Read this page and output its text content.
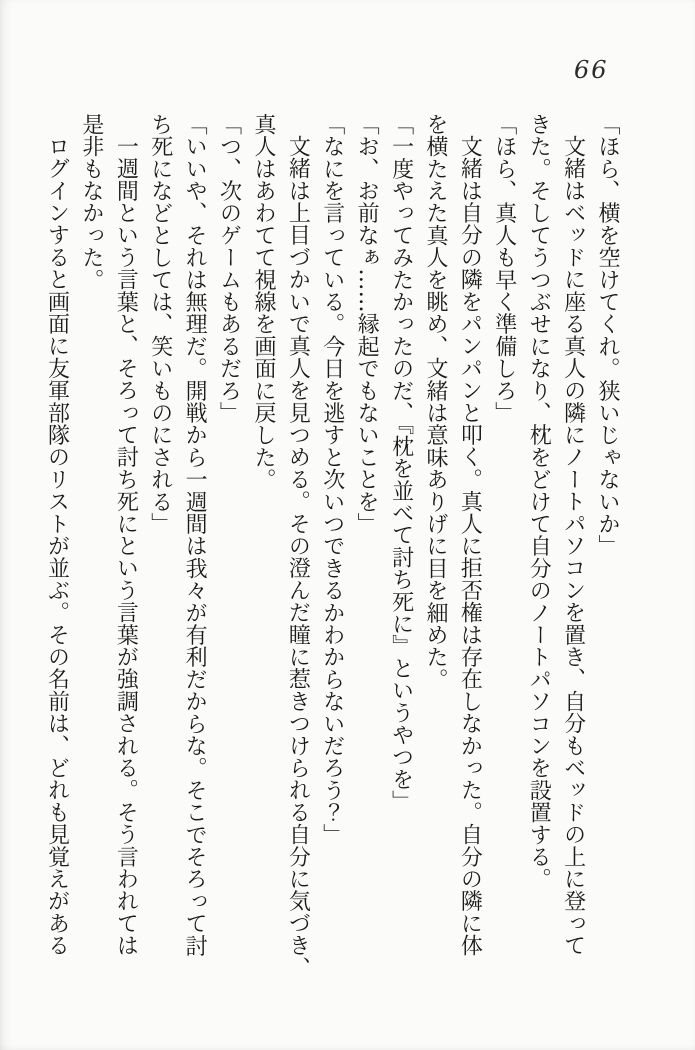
66
「ほら、横を空けてくれ。狭いじゃないか」
文緒はベッドに座る真人の隣にノートパソコンを置き、自分もベッドの上に登って
きた。そしてうつぶせになり、枕をどけて自分のノートパソコンを設置する。
「ほら、真人も早く準備しろ」
文緒は自分の隣をパンパンと叩く。真人に拒否権は存在しなかった。自分の隣に体
を横たえた真人を眺め、文緒は意味ありげに目を細めた。
「一度やってみたかったのだ、『枕を並べて討ち死に』というやつを」
「お、お前なぁ……縁起でもないことを」
「なにを言っている。今日を逃すと次いつできるかわからないだろう？」
文緒は上目づかいで真人を見つめる。その澄んだ瞳に惹きつけられる自分に気づき、
真人はあわてて視線を画面に戻した。
「つ、次のゲームもあるだろ」
「いいや、それは無理だ。開戦から一週間は我々が有利だからな。そこでそろって討
ち死になどとしては、笑いものにされる」
一週間という言葉と、そろって討ち死にという言葉が強調される。そう言われては
是非もなかった。
ログインすると画面に友軍部隊のリストが並ぶ。その名前は、どれも見覚えがある
